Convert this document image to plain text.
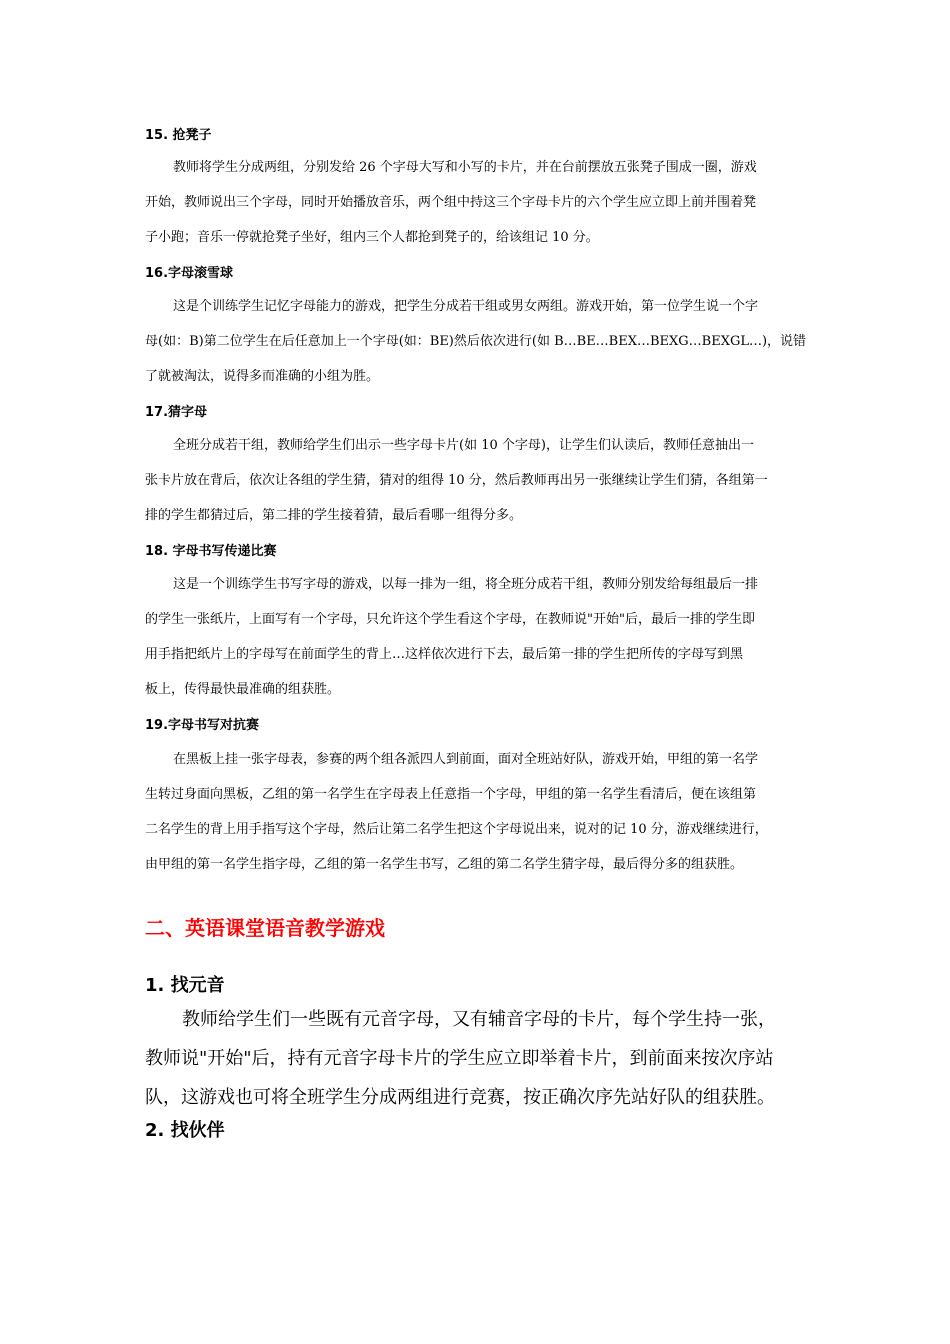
15. 抢凳子
教师将学生分成两组，分别发给 26 个字母大写和小写的卡片，并在台前摆放五张凳子围成一圈，游戏
开始，教师说出三个字母，同时开始播放音乐，两个组中持这三个字母卡片的六个学生应立即上前并围着凳
子小跑；音乐一停就抢凳子坐好，组内三个人都抢到凳子的，给该组记 10 分。
16.字母滚雪球
这是个训练学生记忆字母能力的游戏，把学生分成若干组或男女两组。游戏开始，第一位学生说一个字
母(如：B)第二位学生在后任意加上一个字母(如：BE)然后依次进行(如 B…BE…BEX…BEXG…BEXGL…)，说错
了就被淘汰，说得多而准确的小组为胜。
17.猜字母
全班分成若干组，教师给学生们出示一些字母卡片(如 10 个字母)，让学生们认读后，教师任意抽出一
张卡片放在背后，依次让各组的学生猜，猜对的组得 10 分，然后教师再出另一张继续让学生们猜，各组第一
排的学生都猜过后，第二排的学生接着猜，最后看哪一组得分多。
18. 字母书写传递比赛
这是一个训练学生书写字母的游戏，以每一排为一组，将全班分成若干组，教师分别发给每组最后一排
的学生一张纸片，上面写有一个字母，只允许这个学生看这个字母，在教师说"开始"后，最后一排的学生即
用手指把纸片上的字母写在前面学生的背上…这样依次进行下去，最后第一排的学生把所传的字母写到黑
板上，传得最快最准确的组获胜。
19.字母书写对抗赛
在黑板上挂一张字母表，参赛的两个组各派四人到前面，面对全班站好队，游戏开始，甲组的第一名学
生转过身面向黑板，乙组的第一名学生在字母表上任意指一个字母，甲组的第一名学生看清后，便在该组第
二名学生的背上用手指写这个字母，然后让第二名学生把这个字母说出来，说对的记 10 分，游戏继续进行，
由甲组的第一名学生指字母，乙组的第一名学生书写，乙组的第二名学生猜字母，最后得分多的组获胜。
二、英语课堂语音教学游戏
1. 找元音
教师给学生们一些既有元音字母，又有辅音字母的卡片，每个学生持一张，
教师说"开始"后，持有元音字母卡片的学生应立即举着卡片，到前面来按次序站
队，这游戏也可将全班学生分成两组进行竞赛，按正确次序先站好队的组获胜。
2. 找伙伴
